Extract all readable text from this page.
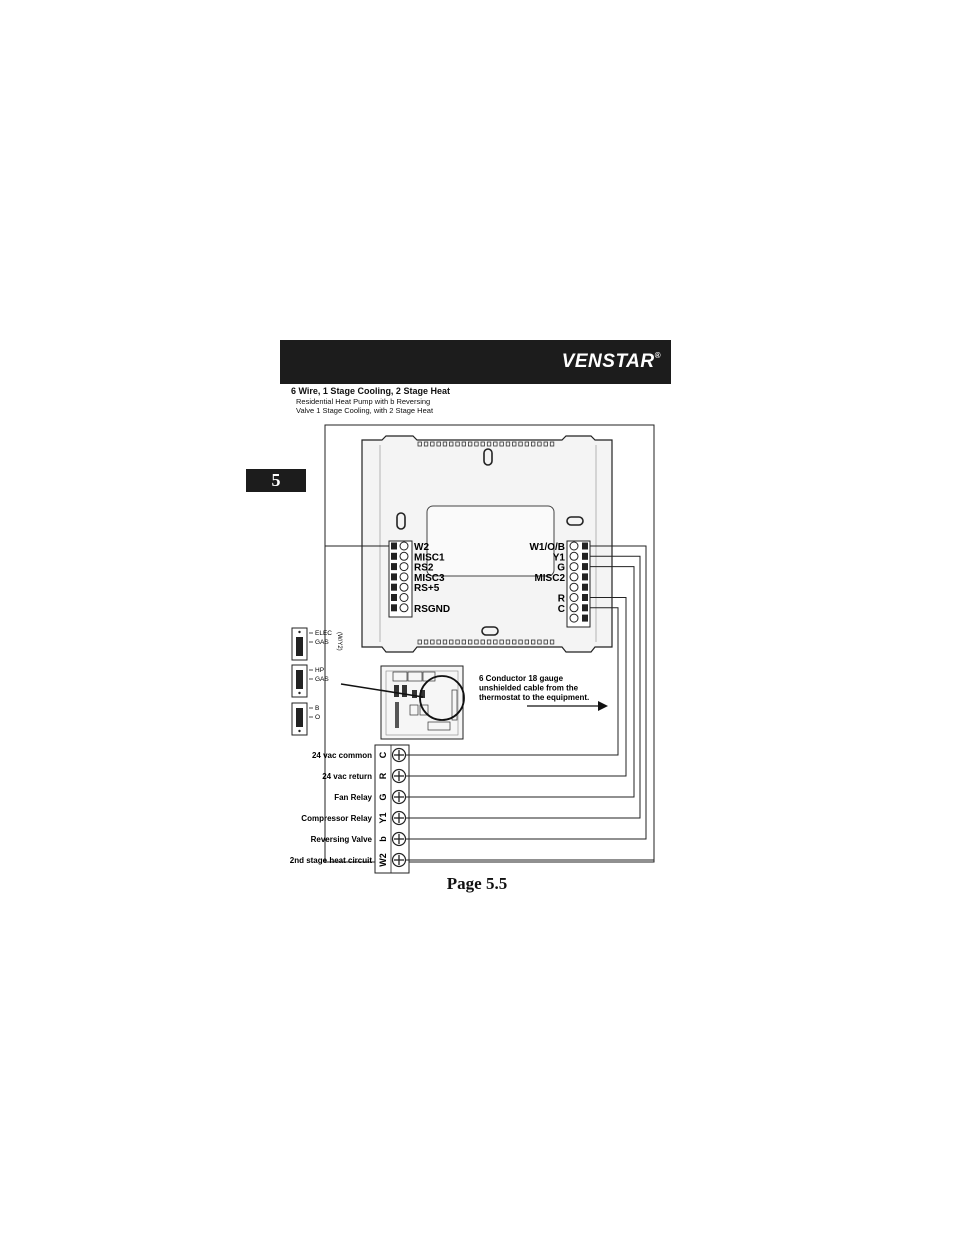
VENSTAR®
6 Wire, 1 Stage Cooling, 2 Stage Heat
Residential Heat Pump with b Reversing
Valve 1 Stage Cooling, with 2 Stage Heat
5
W2
MISC1
RS2
MISC3
RS+5
RSGND
W1/O/B
Y1
G
MISC2
R
C
ELEC
GAS (W/Y2)
HP
GAS
B
O
6 Conductor 18 gauge unshielded cable from the thermostat to the equipment.
C
R
G
Y1
b
W2
24 vac common
24 vac return
Fan Relay
Compressor Relay
Reversing Valve
2nd stage heat circuit
Page 5.5
